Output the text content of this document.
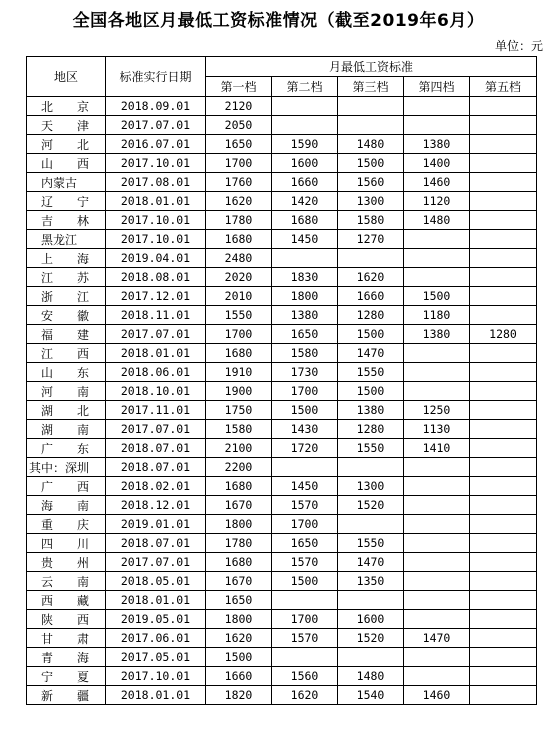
全国各地区月最低工资标准情况（截至2019年6月）
单位：元
地区	标准实行日期	月最低工资标准				
		第一档	第二档	第三档	第四档	第五档
北　京	2018.09.01	2120				
天　津	2017.07.01	2050				
河　北	2016.07.01	1650	1590	1480	1380	
山　西	2017.10.01	1700	1600	1500	1400	
内蒙古	2017.08.01	1760	1660	1560	1460	
辽　宁	2018.01.01	1620	1420	1300	1120	
吉　林	2017.10.01	1780	1680	1580	1480	
黑龙江	2017.10.01	1680	1450	1270		
上　海	2019.04.01	2480				
江　苏	2018.08.01	2020	1830	1620		
浙　江	2017.12.01	2010	1800	1660	1500	
安　徽	2018.11.01	1550	1380	1280	1180	
福　建	2017.07.01	1700	1650	1500	1380	1280
江　西	2018.01.01	1680	1580	1470		
山　东	2018.06.01	1910	1730	1550		
河　南	2018.10.01	1900	1700	1500		
湖　北	2017.11.01	1750	1500	1380	1250	
湖　南	2017.07.01	1580	1430	1280	1130	
广　东	2018.07.01	2100	1720	1550	1410	
其中：深圳	2018.07.01	2200				
广　西	2018.02.01	1680	1450	1300		
海　南	2018.12.01	1670	1570	1520		
重　庆	2019.01.01	1800	1700			
四　川	2018.07.01	1780	1650	1550		
贵　州	2017.07.01	1680	1570	1470		
云　南	2018.05.01	1670	1500	1350		
西　藏	2018.01.01	1650				
陕　西	2019.05.01	1800	1700	1600		
甘　肃	2017.06.01	1620	1570	1520	1470	
青　海	2017.05.01	1500				
宁　夏	2017.10.01	1660	1560	1480		
新　疆	2018.01.01	1820	1620	1540	1460	
